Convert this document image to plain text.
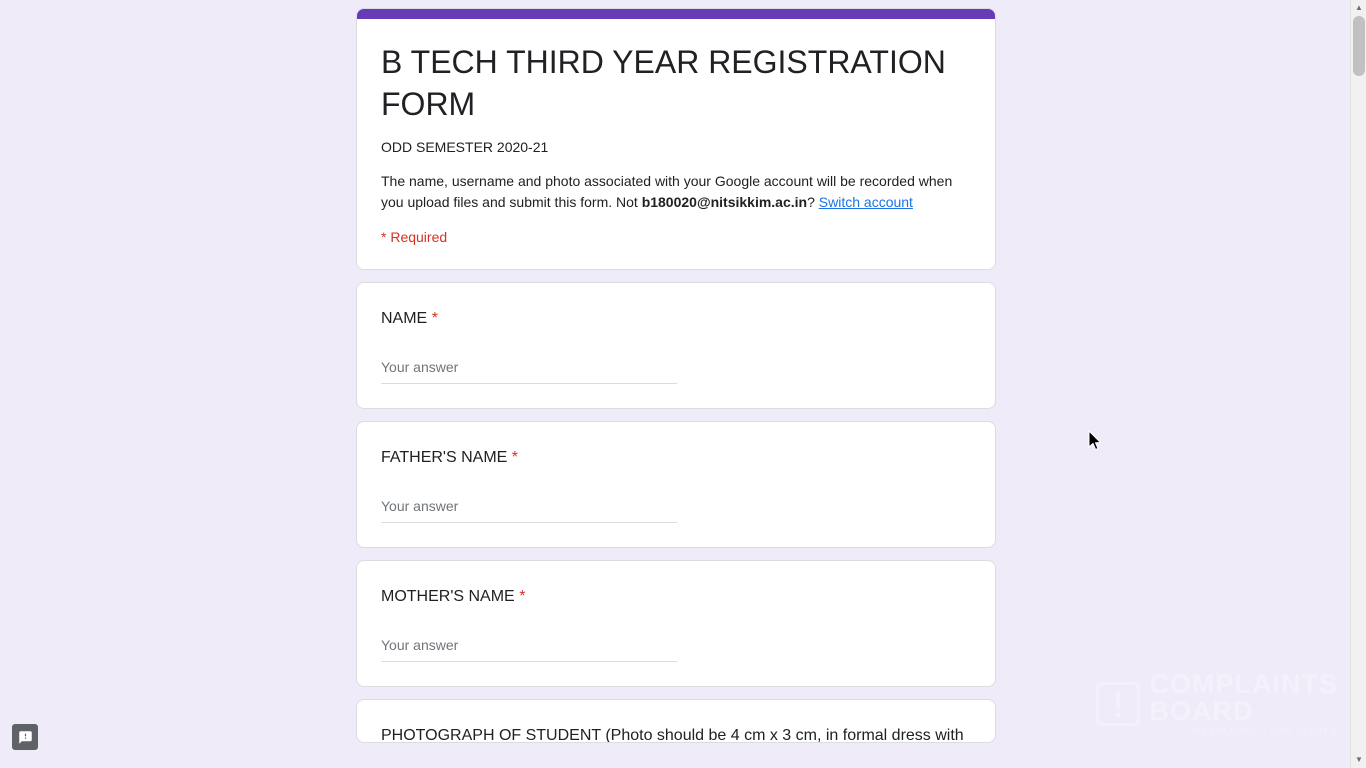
B TECH THIRD YEAR REGISTRATION FORM
ODD SEMESTER 2020-21
The name, username and photo associated with your Google account will be recorded when you upload files and submit this form. Not b180020@nitsikkim.ac.in? Switch account
* Required
NAME *
Your answer
FATHER'S NAME *
Your answer
MOTHER'S NAME *
Your answer
PHOTOGRAPH OF STUDENT (Photo should be 4 cm x 3 cm, in formal dress with
COMPLAINTS
BOARD
RESOLVING YOUR ISSUES
▲
▼
